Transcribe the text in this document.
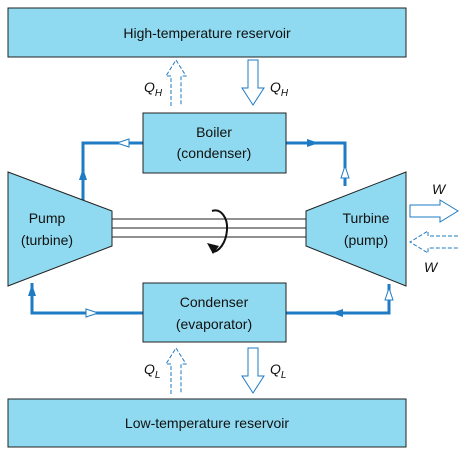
High-temperature reservoir
Low-temperature reservoir
Boiler
(condenser)
Condenser
(evaporator)
Pump
(turbine)
Turbine
(pump)
$Q_H$	$Q_H$
$Q_L$	$Q_L$
W
W
